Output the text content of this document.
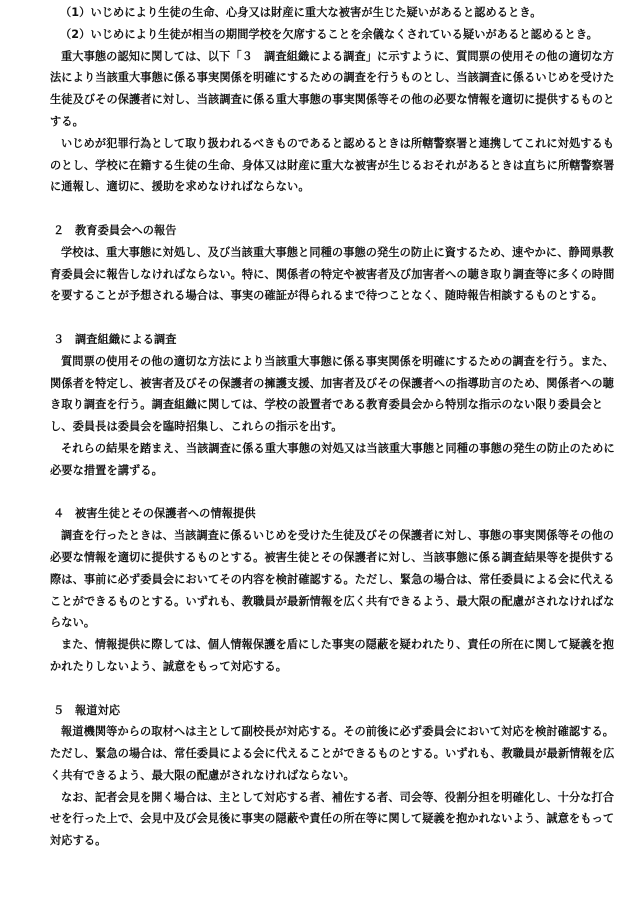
（1）いじめにより生徒の生命、心身又は財産に重大な被害が生じた疑いがあると認めるとき。

（2）いじめにより生徒が相当の期間学校を欠席することを余儀なくされている疑いがあると認めるとき。

重大事態の認知に関しては、以下「３　調査組織による調査」に示すように、質問票の使用その他の適切な方法により当該重大事態に係る事実関係を明確にするための調査を行うものとし、当該調査に係るいじめを受けた生徒及びその保護者に対し、当該調査に係る重大事態の事実関係等その他の必要な情報を適切に提供するものとする。

いじめが犯罪行為として取り扱われるべきものであると認めるときは所轄警察署と連携してこれに対処するものとし、学校に在籍する生徒の生命、身体又は財産に重大な被害が生じるおそれがあるときは直ちに所轄警察署に通報し、適切に、援助を求めなければならない。

２ 教育委員会への報告

学校は、重大事態に対処し、及び当該重大事態と同種の事態の発生の防止に資するため、速やかに、静岡県教育委員会に報告しなければならない。特に、関係者の特定や被害者及び加害者への聴き取り調査等に多くの時間を要することが予想される場合は、事実の確証が得られるまで待つことなく、随時報告相談するものとする。

３ 調査組織による調査

質問票の使用その他の適切な方法により当該重大事態に係る事実関係を明確にするための調査を行う。また、関係者を特定し、被害者及びその保護者の擁護支援、加害者及びその保護者への指導助言のため、関係者への聴き取り調査を行う。調査組織に関しては、学校の設置者である教育委員会から特別な指示のない限り委員会とし、委員長は委員会を臨時招集し、これらの指示を出す。

それらの結果を踏まえ、当該調査に係る重大事態の対処又は当該重大事態と同種の事態の発生の防止のために必要な措置を講ずる。

４ 被害生徒とその保護者への情報提供

調査を行ったときは、当該調査に係るいじめを受けた生徒及びその保護者に対し、事態の事実関係等その他の必要な情報を適切に提供するものとする。被害生徒とその保護者に対し、当該事態に係る調査結果等を提供する際は、事前に必ず委員会においてその内容を検討確認する。ただし、緊急の場合は、常任委員による会に代えることができるものとする。いずれも、教職員が最新情報を広く共有できるよう、最大限の配慮がされなければならない。

また、情報提供に際しては、個人情報保護を盾にした事実の隠蔽を疑われたり、責任の所在に関して疑義を抱かれたりしないよう、誠意をもって対応する。

５ 報道対応

報道機関等からの取材へは主として副校長が対応する。その前後に必ず委員会において対応を検討確認する。ただし、緊急の場合は、常任委員による会に代えることができるものとする。いずれも、教職員が最新情報を広く共有できるよう、最大限の配慮がされなければならない。

なお、記者会見を開く場合は、主として対応する者、補佐する者、司会等、役割分担を明確化し、十分な打合せを行った上で、会見中及び会見後に事実の隠蔽や責任の所在等に関して疑義を抱かれないよう、誠意をもって対応する。
